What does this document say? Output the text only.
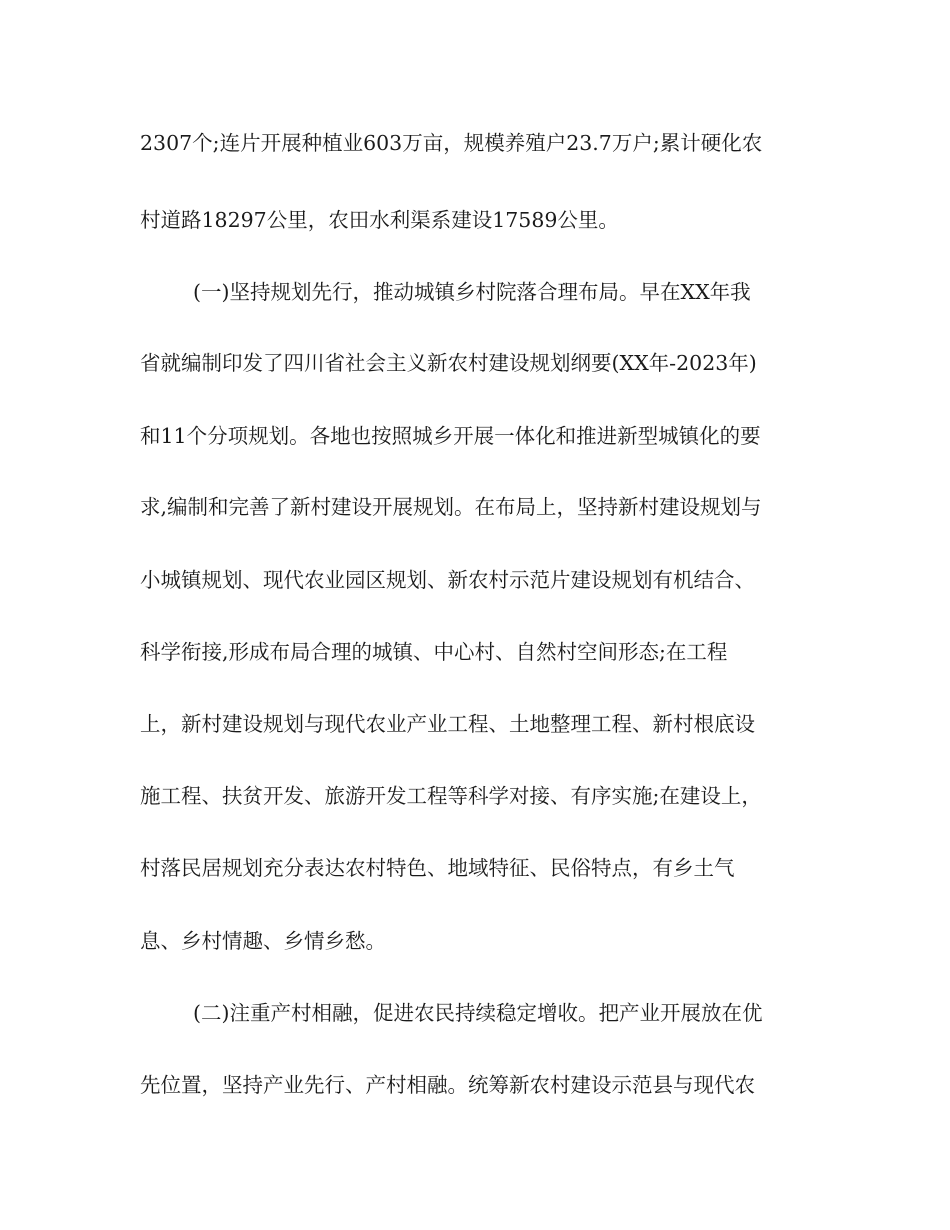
2307个;连片开展种植业603万亩，规模养殖户23.7万户;累计硬化农

村道路18297公里，农田水利渠系建设17589公里。

(一)坚持规划先行，推动城镇乡村院落合理布局。早在XX年我

省就编制印发了四川省社会主义新农村建设规划纲要(XX年-2023年)

和11个分项规划。各地也按照城乡开展一体化和推进新型城镇化的要

求,编制和完善了新村建设开展规划。在布局上，坚持新村建设规划与

小城镇规划、现代农业园区规划、新农村示范片建设规划有机结合、

科学衔接,形成布局合理的城镇、中心村、自然村空间形态;在工程

上，新村建设规划与现代农业产业工程、土地整理工程、新村根底设

施工程、扶贫开发、旅游开发工程等科学对接、有序实施;在建设上，

村落民居规划充分表达农村特色、地域特征、民俗特点，有乡土气

息、乡村情趣、乡情乡愁。

(二)注重产村相融，促进农民持续稳定增收。把产业开展放在优

先位置，坚持产业先行、产村相融。统筹新农村建设示范县与现代农
